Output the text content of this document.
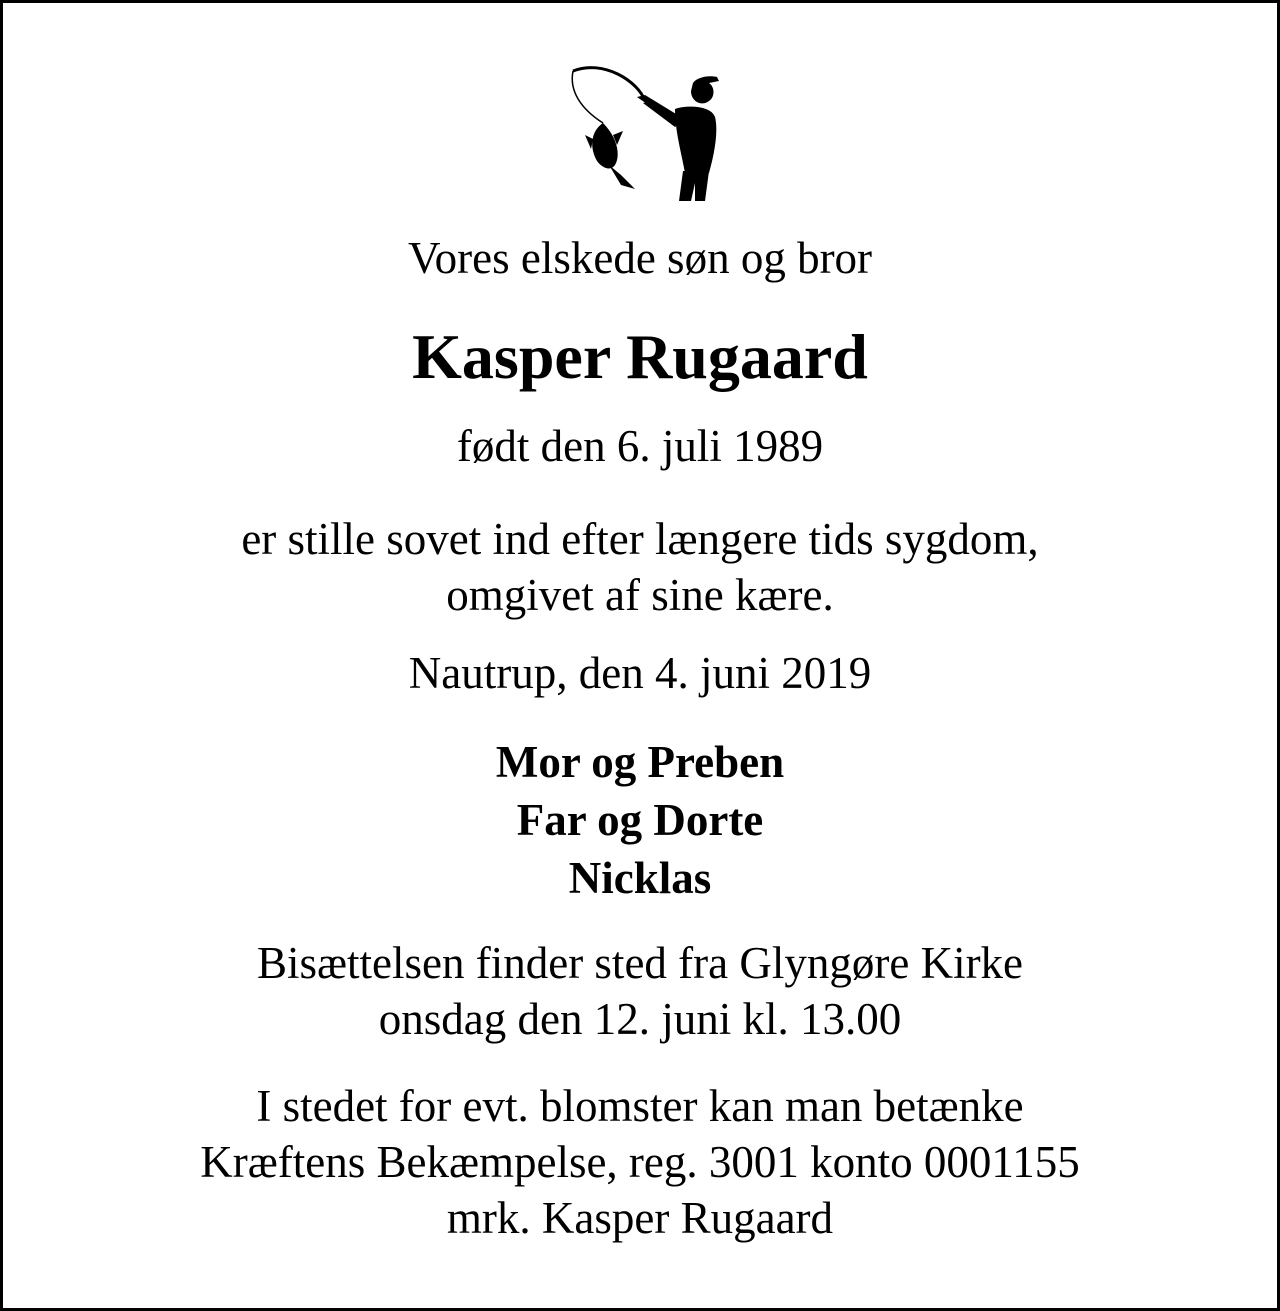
Vores elskede søn og bror
Kasper Rugaard
født den 6. juli 1989
er stille sovet ind efter længere tids sygdom,
omgivet af sine kære.
Nautrup, den 4. juni 2019
Mor og Preben
Far og Dorte
Nicklas
Bisættelsen finder sted fra Glyngøre Kirke
onsdag den 12. juni kl. 13.00
I stedet for evt. blomster kan man betænke
Kræftens Bekæmpelse, reg. 3001 konto 0001155
mrk. Kasper Rugaard
